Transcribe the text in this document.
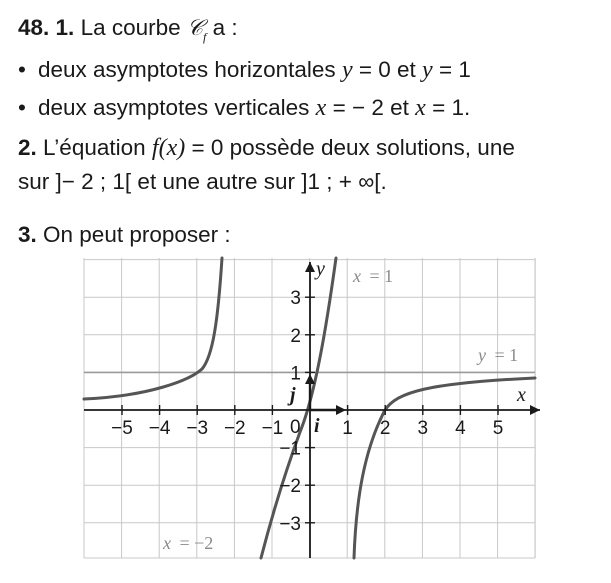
48. 1. La courbe 𝒞$_f$ a :
• deux asymptotes horizontales y = 0 et y = 1
• deux asymptotes verticales x = − 2 et x = 1.
2. L’équation f(x) = 0 possède deux solutions, une
sur ]− 2 ; 1[ et une autre sur ]1 ; + ∞[.
3. On peut proposer :
x = 1
y = 1
x = −2
x
y
i⃗
j⃗
0
−5 −4 −3 −2 −1	1 2 3 4 5
3
2
1
−1
−2
−3
